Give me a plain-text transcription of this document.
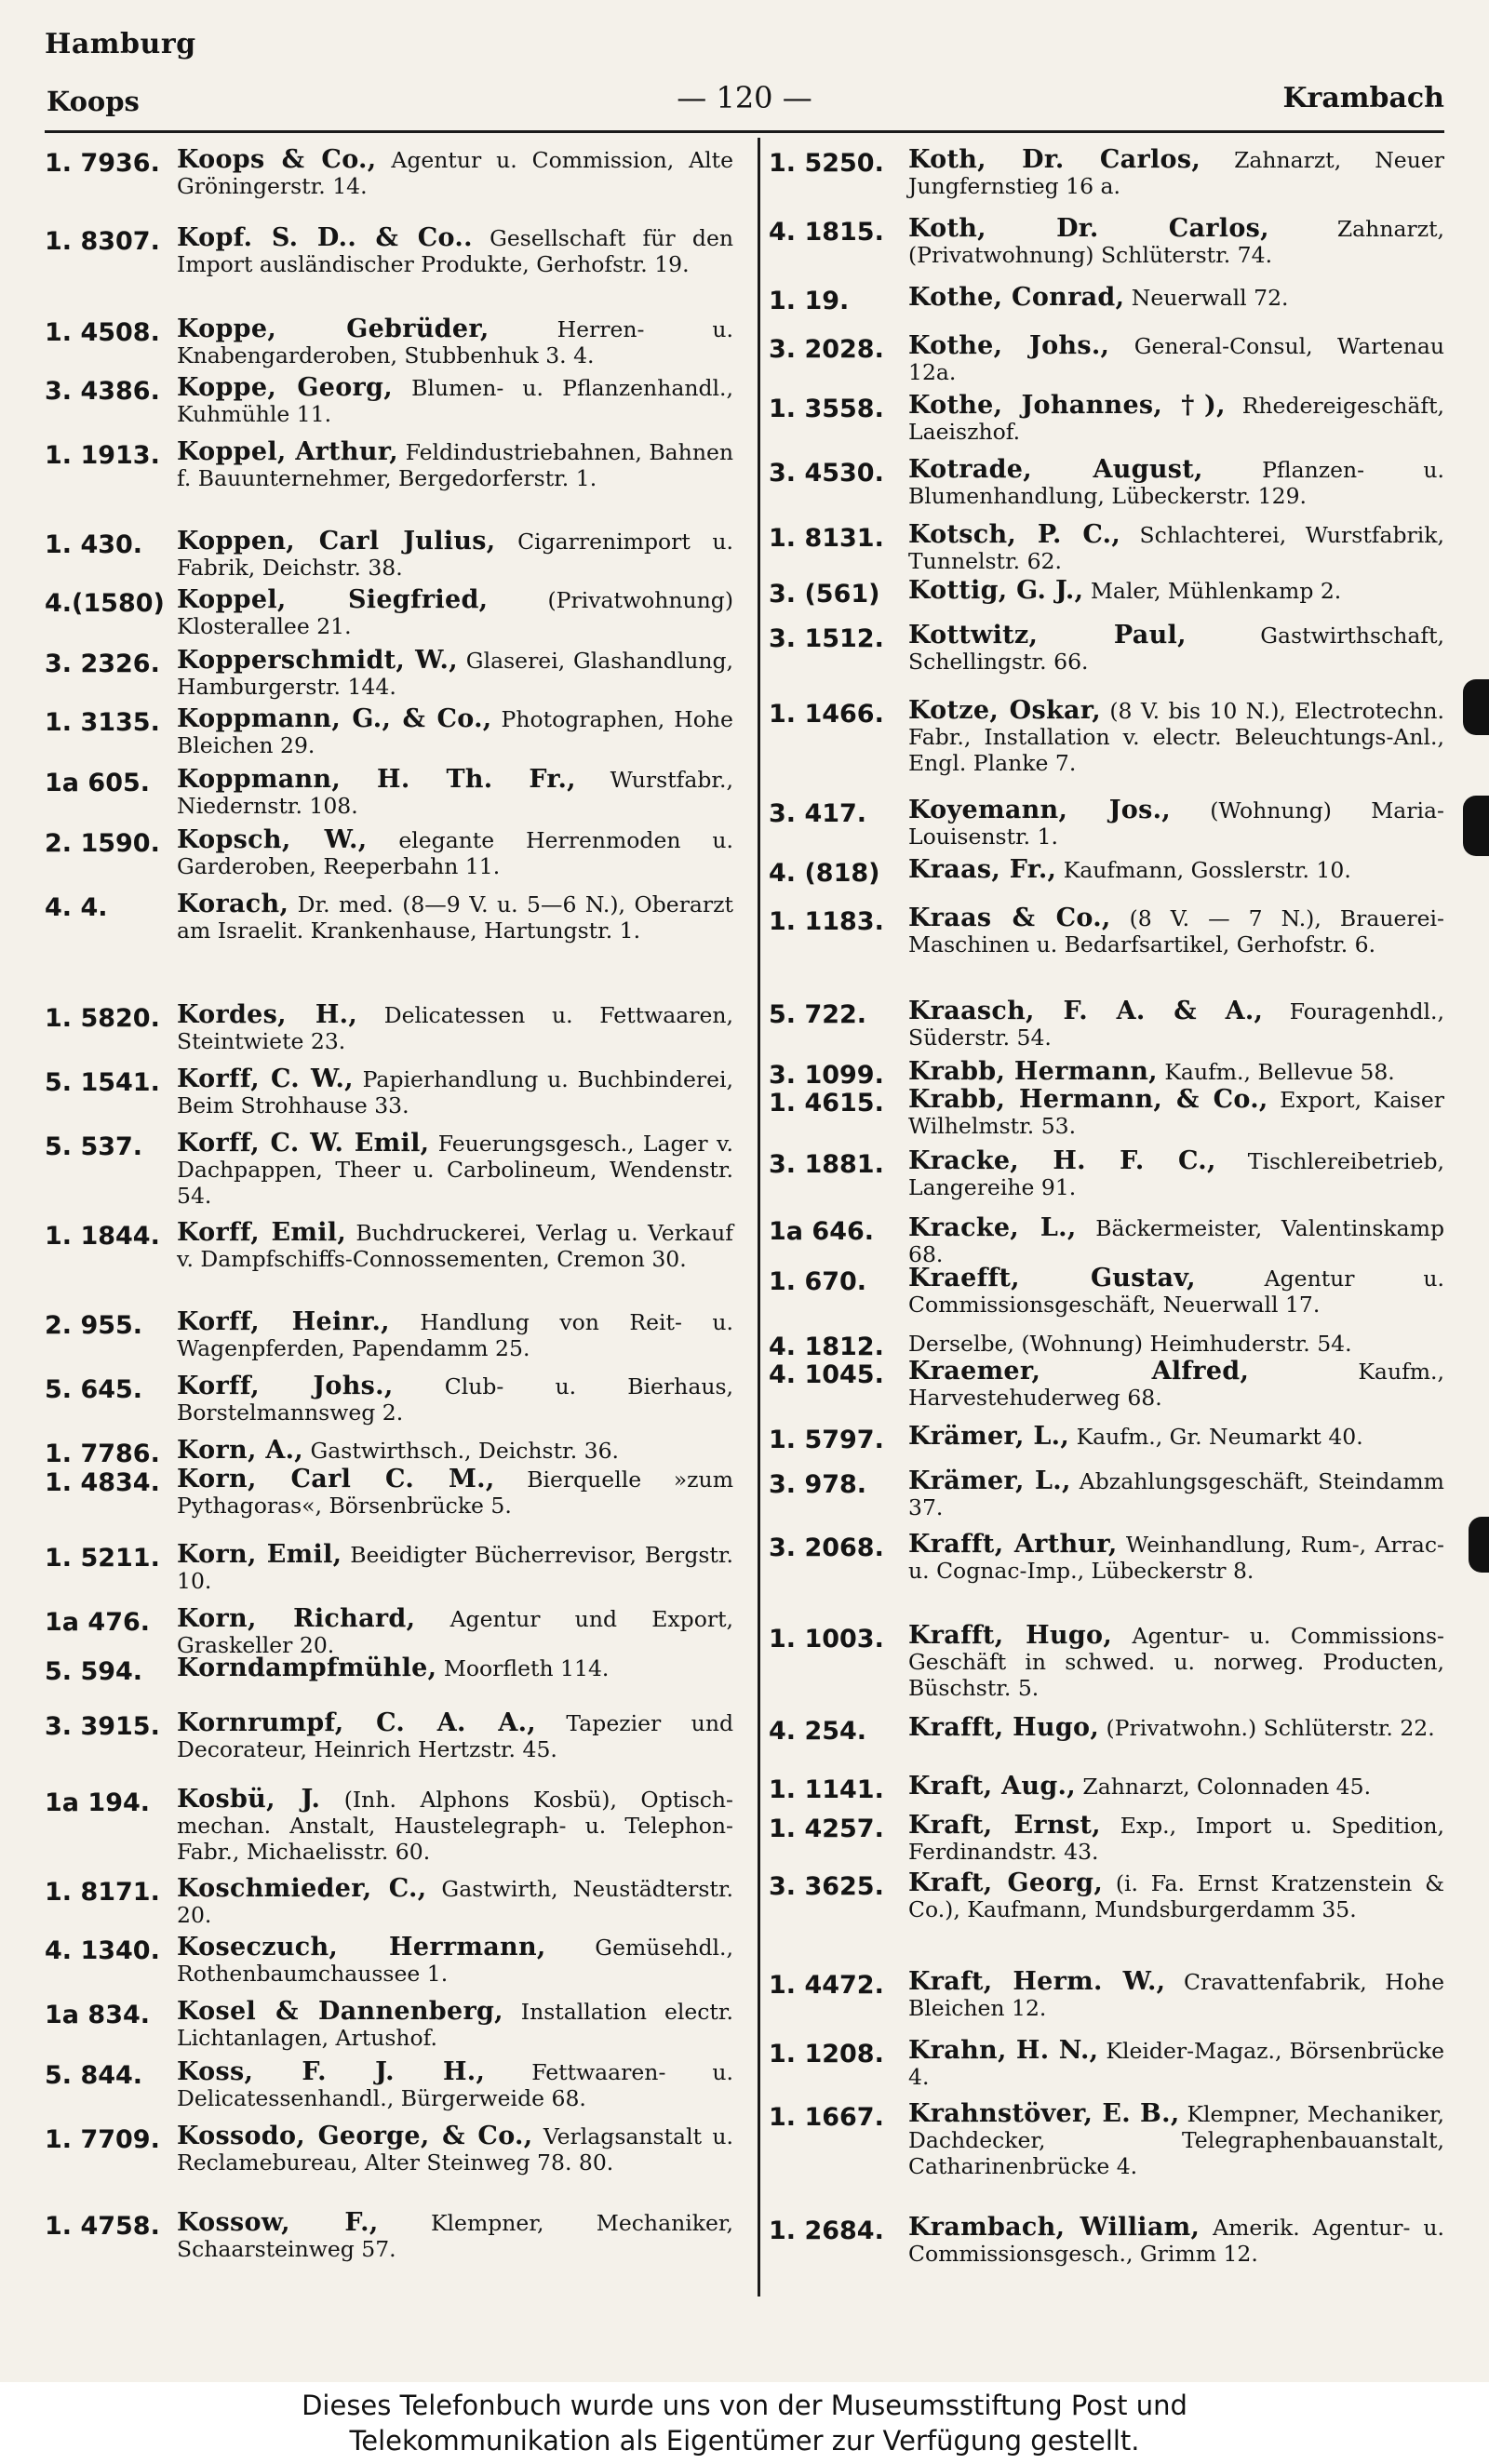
Hamburg
Koops	— 120 —	Krambach
1. 7936. Koops & Co., Agentur u. Commission, Alte Gröningerstr. 14.
1. 8307. Kopf. S. D.. & Co.. Gesellschaft für den Import ausländischer Produkte, Gerhofstr. 19.
1. 4508. Koppe, Gebrüder,	Herren- u. Knabengarderoben, Stubbenhuk 3. 4.
3. 4386. Koppe, Georg, Blumen- u. Pflanzenhandl., Kuhmühle 11.
1. 1913. Koppel, Arthur, Feldindustriebahnen, Bahnen f. Bauunternehmer, Bergedorferstr. 1.
1. 430. Koppen, Carl Julius, Cigarrenimport u. Fabrik, Deichstr. 38.
4.(1580) Koppel, Siegfried,	(Privatwohnung) Klosterallee 21.
3. 2326. Kopperschmidt, W., Glaserei, Glashandlung, Hamburgerstr. 144.
1. 3135. Koppmann, G., & Co., Photographen, Hohe Bleichen 29.
1a 605. Koppmann, H. Th. Fr., Wurstfabr., Niedernstr. 108.
2. 1590. Kopsch, W., elegante Herrenmoden u. Garderoben, Reeperbahn 11.
4. 4.	Korach, Dr. med. (8—9 V. u. 5—6 N.), Oberarzt am Israelit. Krankenhause, Hartungstr. 1.
1. 5820. Kordes, H., Delicatessen u. Fettwaaren, Steintwiete 23.
5. 1541. Korff, C. W., Papierhandlung u. Buchbinderei, Beim Strohhause 33.
5. 537. Korff, C. W. Emil, Feuerungsgesch., Lager v. Dachpappen, Theer u. Carbolineum, Wendenstr. 54.
1. 1844. Korff, Emil, Buchdruckerei, Verlag u. Verkauf v. Dampfschiffs-Connossementen, Cremon 30.
2. 955. Korff, Heinr., Handlung von Reit- u. Wagenpferden, Papendamm 25.
5. 645. Korff, Johs., Club- u. Bierhaus, Borstelmannsweg 2.
1. 7786. Korn, A., Gastwirthsch., Deichstr. 36.
1. 4834. Korn, Carl C. M., Bierquelle »zum Pythagoras«, Börsenbrücke 5.
1. 5211. Korn, Emil, Beeidigter Bücherrevisor, Bergstr. 10.
1a 476. Korn, Richard, Agentur und Export, Graskeller 20.
5. 594. Korndampfmühle, Moorfleth 114.
3. 3915. Kornrumpf, C. A. A., Tapezier und Decorateur, Heinrich Hertzstr. 45.
1a 194. Kosbü, J. (Inh. Alphons Kosbü), Optisch-mechan. Anstalt, Haustelegraph- u. Telephon-Fabr., Michaelisstr. 60.
1. 8171. Koschmieder, C., Gastwirth, Neustädterstr. 20.
4. 1340. Koseczuch, Herrmann, Gemüsehdl., Rothenbaumchaussee 1.
1a 834. Kosel & Dannenberg, Installation electr. Lichtanlagen, Artushof.
5. 844. Koss, F. J. H., Fettwaaren- u. Delicatessenhandl., Bürgerweide 68.
1. 7709. Kossodo, George, & Co., Verlagsanstalt u. Reclamebureau, Alter Steinweg 78. 80.
1. 4758. Kossow, F., Klempner, Mechaniker, Schaarsteinweg 57.
1. 5250. Koth, Dr. Carlos, Zahnarzt, Neuer Jungfernstieg 16 a.
4. 1815. Koth, Dr. Carlos,	Zahnarzt, (Privatwohnung) Schlüterstr. 74.
1. 19. Kothe, Conrad, Neuerwall 72.
3. 2028. Kothe, Johs., General-Consul, Wartenau 12a.
1. 3558. Kothe, Johannes, †), Rhedereigeschäft, Laeiszhof.
3. 4530. Kotrade, August,	Pflanzen- u. Blumenhandlung, Lübeckerstr. 129.
1. 8131. Kotsch, P. C., Schlachterei, Wurstfabrik, Tunnelstr. 62.
3. (561) Kottig, G. J., Maler, Mühlenkamp 2.
3. 1512. Kottwitz, Paul,	Gastwirthschaft, Schellingstr. 66.
1. 1466. Kotze, Oskar, (8 V. bis 10 N.), Electrotechn. Fabr., Installation v. electr. Beleuchtungs-Anl., Engl. Planke 7.
3. 417. Koyemann, Jos., (Wohnung) Maria-Louisenstr. 1.
4. (818) Kraas, Fr., Kaufmann, Gosslerstr. 10.
1. 1183. Kraas & Co., (8 V. — 7 N.), Brauerei-Maschinen u. Bedarfsartikel, Gerhofstr. 6.
5. 722. Kraasch, F. A. & A., Fouragenhdl., Süderstr. 54.
3. 1099. Krabb, Hermann, Kaufm., Bellevue 58.
1. 4615. Krabb, Hermann, & Co., Export, Kaiser Wilhelmstr. 53.
3. 1881. Kracke, H. F. C., Tischlereibetrieb, Langereihe 91.
1a 646. Kracke, L., Bäckermeister, Valentinskamp 68.
1. 670. Kraefft, Gustav,	Agentur u. Commissionsgeschäft, Neuerwall 17.
4. 1812. Derselbe, (Wohnung) Heimhuderstr. 54.
4. 1045. Kraemer, Alfred,	Kaufm., Harvestehuderweg 68.
1. 5797. Krämer, L., Kaufm., Gr. Neumarkt 40.
3. 978. Krämer, L., Abzahlungsgeschäft, Steindamm 37.
3. 2068. Krafft, Arthur, Weinhandlung, Rum-, Arrac- u. Cognac-Imp., Lübeckerstr 8.
1. 1003. Krafft, Hugo, Agentur- u. Commissions-Geschäft in schwed. u. norweg. Producten, Büschstr. 5.
4. 254. Krafft, Hugo, (Privatwohn.) Schlüterstr. 22.
1. 1141. Kraft, Aug., Zahnarzt, Colonnaden 45.
1. 4257. Kraft, Ernst, Exp., Import u. Spedition, Ferdinandstr. 43.
3. 3625. Kraft, Georg, (i. Fa. Ernst Kratzenstein & Co.), Kaufmann, Mundsburgerdamm 35.
1. 4472. Kraft, Herm. W., Cravattenfabrik, Hohe Bleichen 12.
1. 1208. Krahn, H. N., Kleider-Magaz., Börsenbrücke 4.
1. 1667. Krahnstöver, E. B., Klempner, Mechaniker, Dachdecker, Telegraphenbauanstalt, Catharinenbrücke 4.
1. 2684. Krambach, William, Amerik. Agentur- u. Commissionsgesch., Grimm 12.
Dieses Telefonbuch wurde uns von der Museumsstiftung Post und
Telekommunikation als Eigentümer zur Verfügung gestellt.
